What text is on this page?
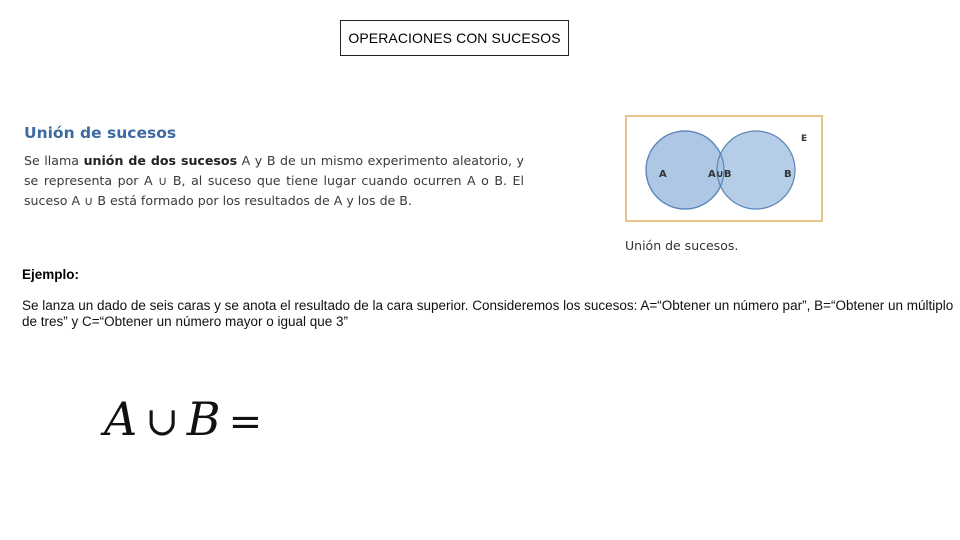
OPERACIONES CON SUCESOS
Unión de sucesos
Se llama unión de dos sucesos A y B de un mismo experimento aleatorio, y se representa por A ∪ B, al suceso que tiene lugar cuando ocurren A o B. El suceso A ∪ B está formado por los resultados de A y los de B.
A	A∪B	B
E
Unión de sucesos.
Ejemplo:
Se lanza un dado de seis caras y se anota el resultado de la cara superior. Consideremos los sucesos: A=“Obtener un número par”, B=“Obtener un múltiplo de tres” y C=“Obtener un número mayor o igual que 3”
A ∪ B =
